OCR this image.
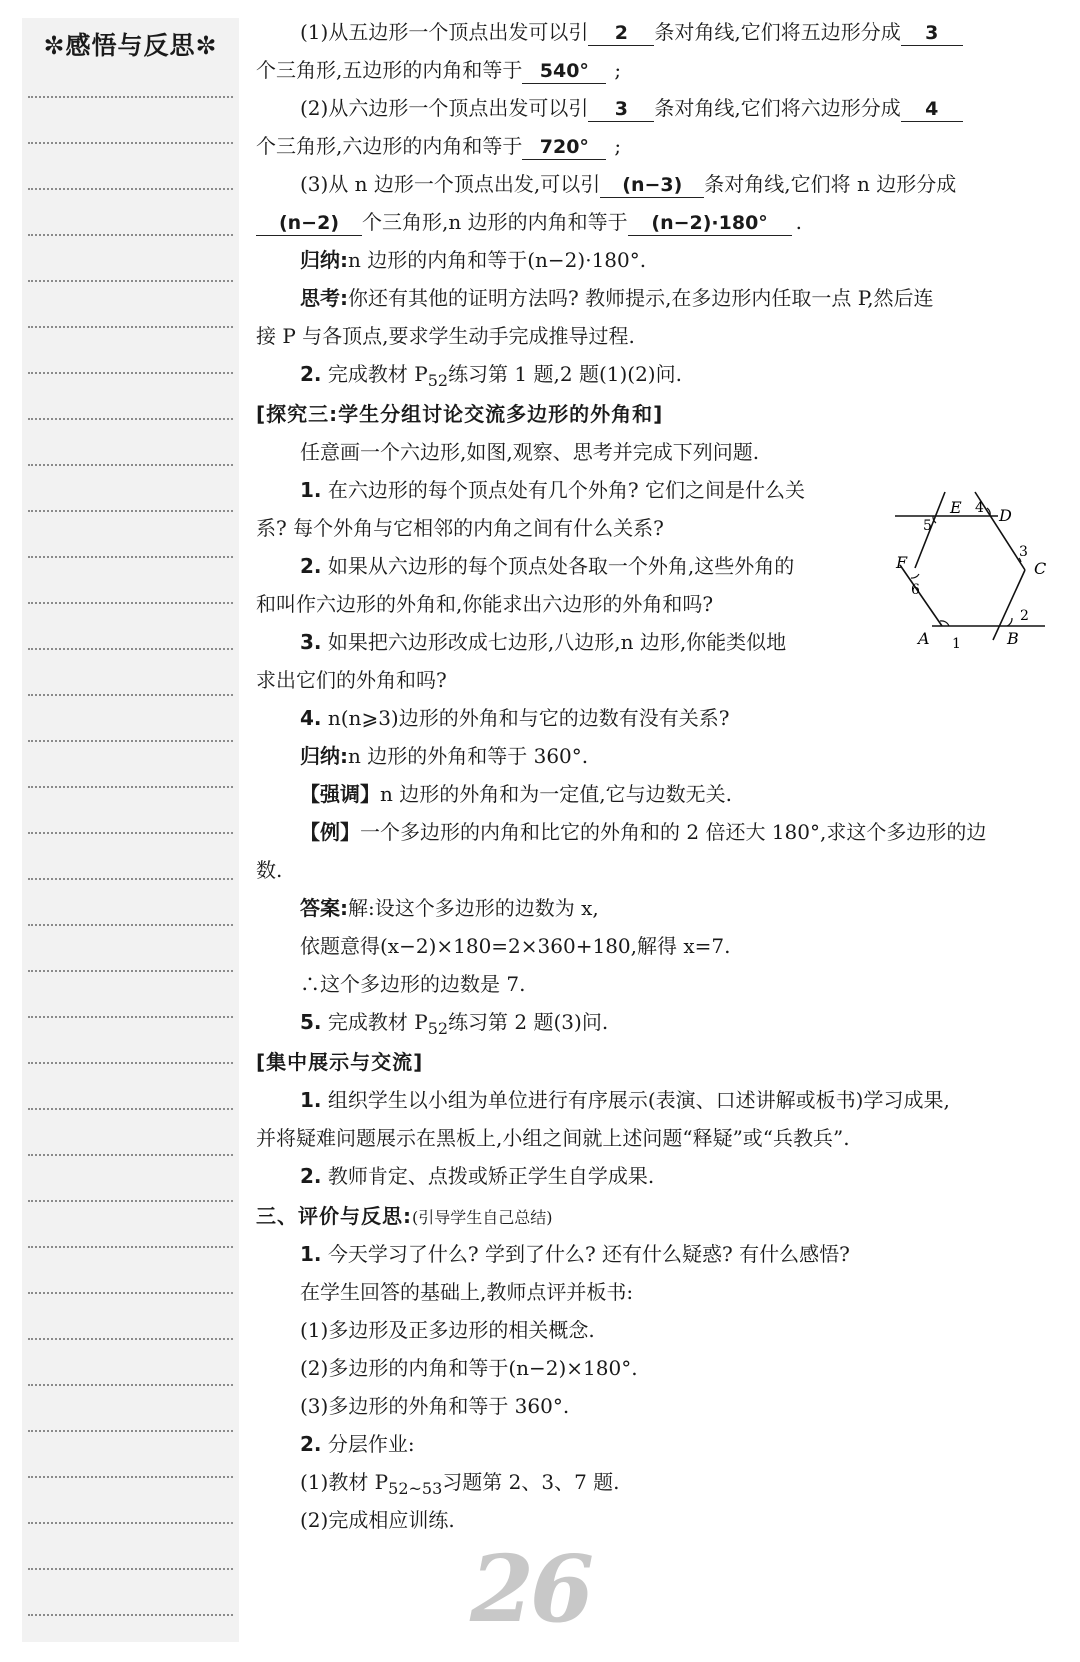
✼感悟与反思✼	(1)从五边形一个顶点出发可以引 2 条对角线,它们将五边形分成 3
个三角形,五边形的内角和等于 540° ;
(2)从六边形一个顶点出发可以引 3 条对角线,它们将六边形分成 4
个三角形,六边形的内角和等于 720° ;
(3)从 n 边形一个顶点出发,可以引 (n−3) 条对角线,它们将 n 边形分成
(n−2) 个三角形,n 边形的内角和等于 (n−2)·180° .
归纳:n 边形的内角和等于(n−2)·180°.
思考:你还有其他的证明方法吗? 教师提示,在多边形内任取一点 P,然后连
接 P 与各顶点,要求学生动手完成推导过程.
2. 完成教材 $P_{52}$练习第 1 题,2 题(1)(2)问.
[探究三:学生分组讨论交流多边形的外角和]
任意画一个六边形,如图,观察、思考并完成下列问题.
1. 在六边形的每个顶点处有几个外角? 它们之间是什么关
系? 每个外角与它相邻的内角之间有什么关系?
2. 如果从六边形的每个顶点处各取一个外角,这些外角的
和叫作六边形的外角和,你能求出六边形的外角和吗?
3. 如果把六边形改成七边形,八边形,n 边形,你能类似地
求出它们的外角和吗?
4. n(n⩾3)边形的外角和与它的边数有没有关系?
归纳:n 边形的外角和等于 360°.
【强调】n 边形的外角和为一定值,它与边数无关.
【例】一个多边形的内角和比它的外角和的 2 倍还大 180°,求这个多边形的边
数.
答案:解:设这个多边形的边数为 x,
依题意得(x−2)×180=2×360+180,解得 x=7.
∴这个多边形的边数是 7.
5. 完成教材 $P_{52}$练习第 2 题(3)问.
[集中展示与交流]
1. 组织学生以小组为单位进行有序展示(表演、口述讲解或板书)学习成果,
并将疑难问题展示在黑板上,小组之间就上述问题“释疑”或“兵教兵”.
2. 教师肯定、点拨或矫正学生自学成果.
三、评价与反思:(引导学生自己总结)
1. 今天学习了什么? 学到了什么? 还有什么疑惑? 有什么感悟?
在学生回答的基础上,教师点评并板书:
(1)多边形及正多边形的相关概念.
(2)多边形的内角和等于(n−2)×180°.
(3)多边形的外角和等于 360°.
2. 分层作业:
(1)教材 $P_{52\sim 53}$习题第 2、3、7 题.
(2)完成相应训练.
A	B
C
D
E
F
1
2
3
4
5
6
26
